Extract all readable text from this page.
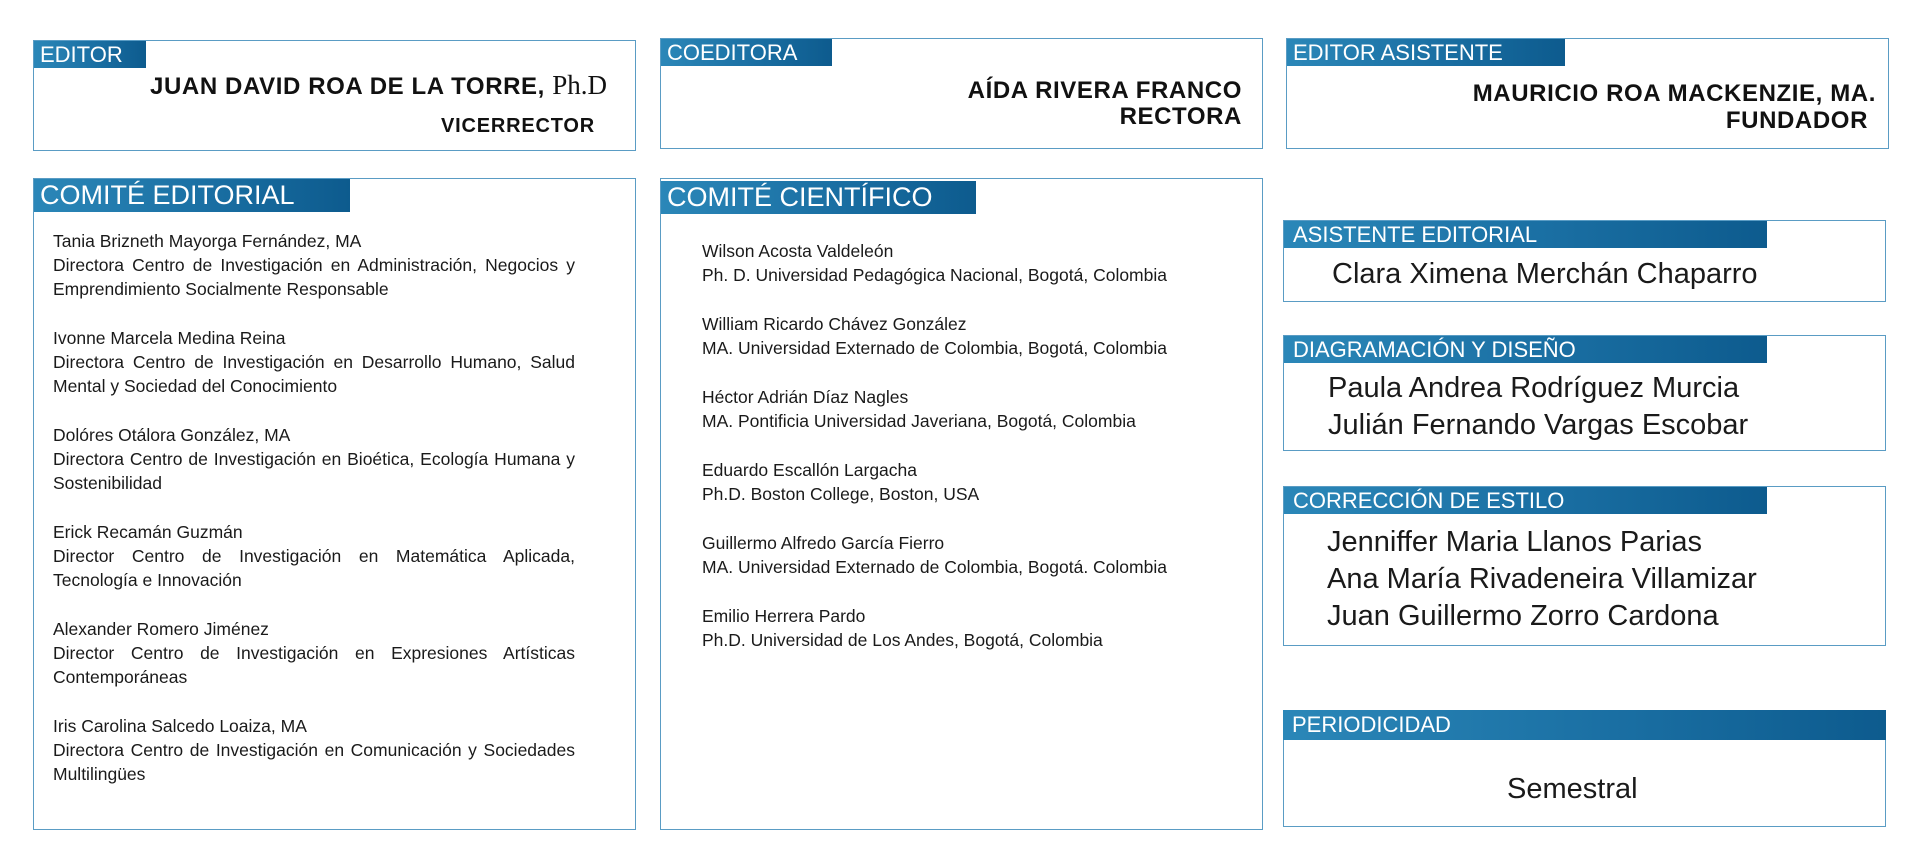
EDITOR
JUAN DAVID ROA DE LA TORRE, Ph.D
VICERRECTOR
COEDITORA
AÍDA RIVERA FRANCO
RECTORA
EDITOR ASISTENTE
MAURICIO ROA MACKENZIE, MA.
FUNDADOR
COMITÉ EDITORIAL
Tania Brizneth Mayorga Fernández, MA
Directora Centro de Investigación en Administración, Negocios y Emprendimiento Socialmente Responsable
Ivonne Marcela Medina Reina
Directora Centro de Investigación en Desarrollo Humano, Salud Mental y Sociedad del Conocimiento
Dolóres Otálora González, MA
Directora Centro de Investigación en Bioética, Ecología Humana y Sostenibilidad
Erick Recamán Guzmán
Director Centro de Investigación en Matemática Aplicada, Tecnología e Innovación
Alexander Romero Jiménez
Director Centro de Investigación en Expresiones Artísticas Contemporáneas
Iris Carolina Salcedo Loaiza, MA
Directora Centro de Investigación en Comunicación y Sociedades Multilingües
COMITÉ CIENTÍFICO
Wilson Acosta Valdeleón
Ph. D. Universidad Pedagógica Nacional, Bogotá, Colombia
William Ricardo Chávez González
MA. Universidad Externado de Colombia, Bogotá, Colombia
Héctor Adrián Díaz Nagles
MA. Pontificia Universidad Javeriana, Bogotá, Colombia
Eduardo Escallón Largacha
Ph.D. Boston College, Boston, USA
Guillermo Alfredo García Fierro
MA. Universidad Externado de Colombia, Bogotá. Colombia
Emilio Herrera Pardo
Ph.D. Universidad de Los Andes, Bogotá, Colombia
ASISTENTE EDITORIAL
Clara Ximena Merchán Chaparro
DIAGRAMACIÓN Y DISEÑO
Paula Andrea Rodríguez Murcia
Julián Fernando Vargas Escobar
CORRECCIÓN DE ESTILO
Jenniffer Maria Llanos Parias
Ana María Rivadeneira Villamizar
Juan Guillermo Zorro Cardona
PERIODICIDAD
Semestral
